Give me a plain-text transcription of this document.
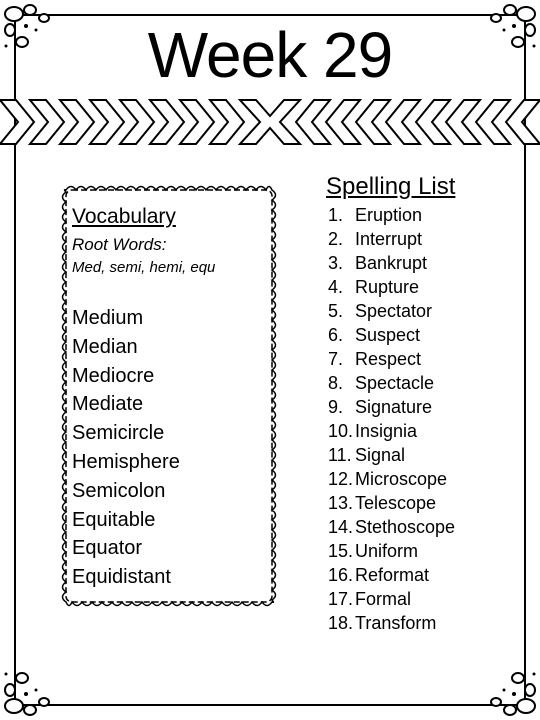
Week 29
Vocabulary
Root Words:
Med, semi, hemi, equ
Medium
Median
Mediocre
Mediate
Semicircle
Hemisphere
Semicolon
Equitable
Equator
Equidistant
Spelling List
1. Eruption
2. Interrupt
3. Bankrupt
4. Rupture
5. Spectator
6. Suspect
7. Respect
8. Spectacle
9. Signature
10. Insignia
11. Signal
12. Microscope
13. Telescope
14. Stethoscope
15. Uniform
16. Reformat
17. Formal
18. Transform
